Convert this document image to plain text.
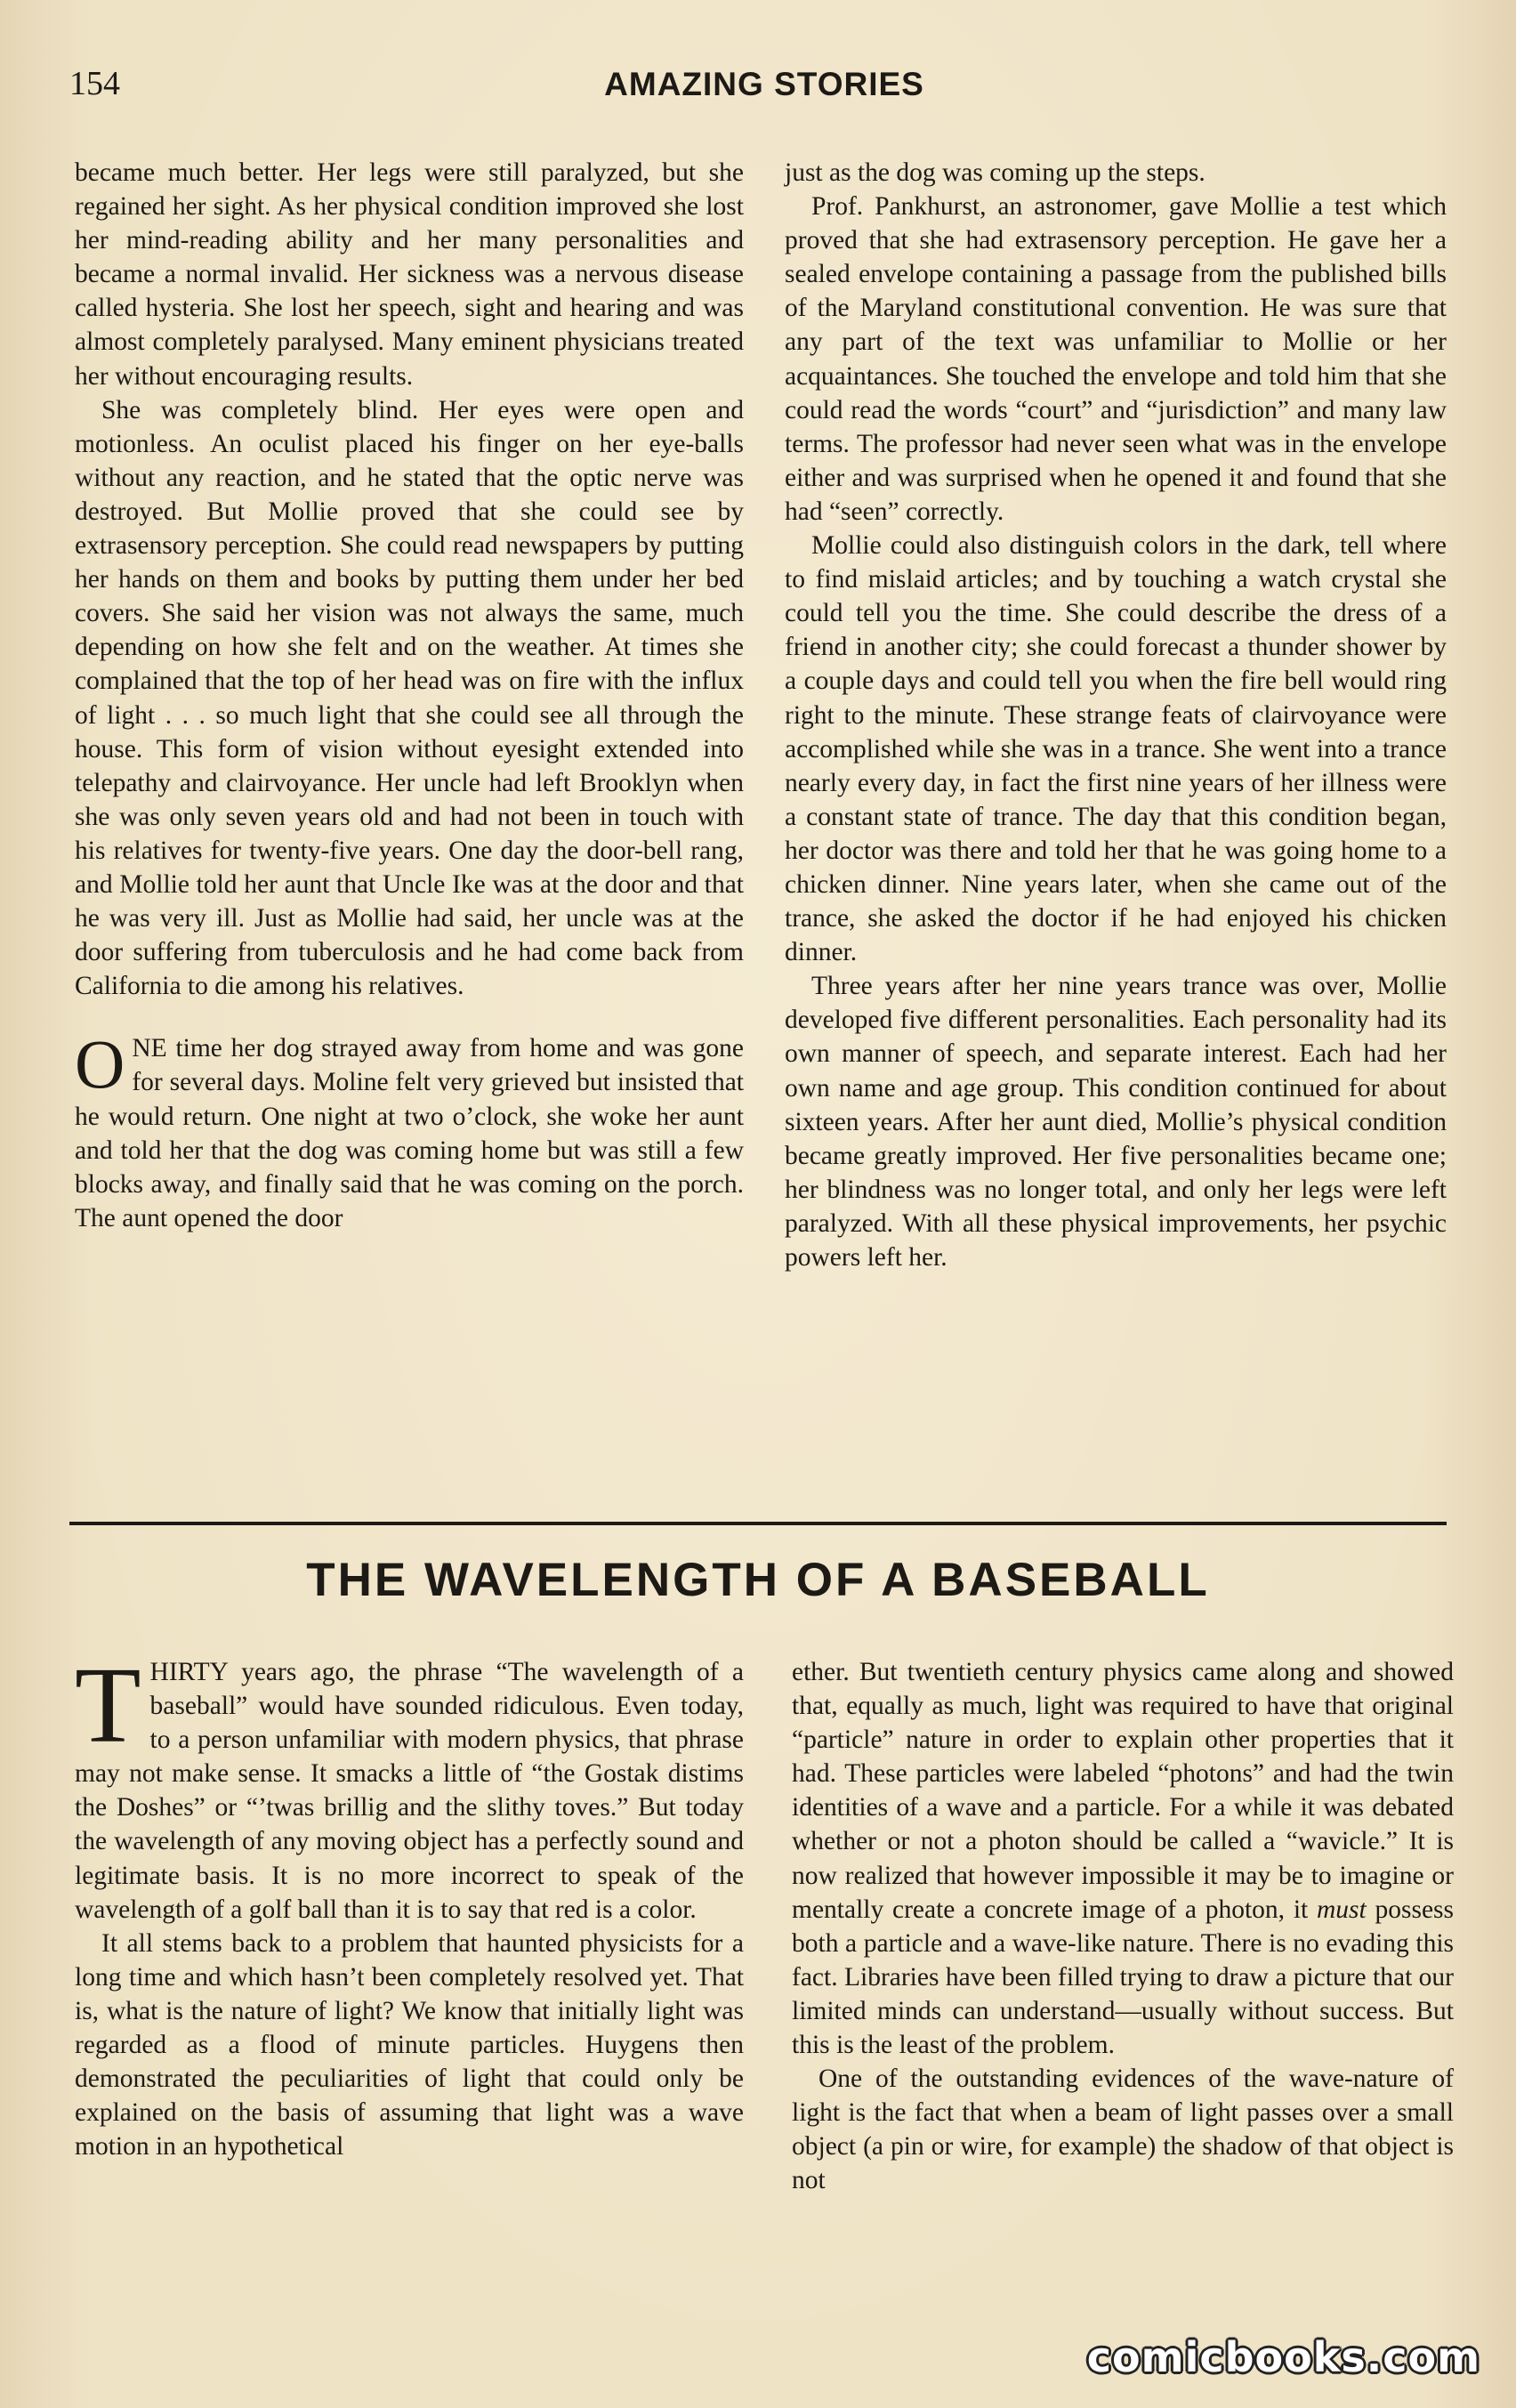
154	AMAZING STORIES

became much better. Her legs were still paralyzed, but she regained her sight. As her physical condition improved she lost her mind-reading ability and her many personalities and became a normal invalid. Her sickness was a nervous disease called hysteria. She lost her speech, sight and hearing and was almost completely paralysed. Many eminent physicians treated her without encouraging results.

She was completely blind. Her eyes were open and motionless. An oculist placed his finger on her eye-balls without any reaction, and he stated that the optic nerve was destroyed. But Mollie proved that she could see by extrasensory perception. She could read newspapers by putting her hands on them and books by putting them under her bed covers. She said her vision was not always the same, much depending on how she felt and on the weather. At times she complained that the top of her head was on fire with the influx of light . . . so much light that she could see all through the house. This form of vision without eyesight extended into telepathy and clairvoyance. Her uncle had left Brooklyn when she was only seven years old and had not been in touch with his relatives for twenty-five years. One day the door-bell rang, and Mollie told her aunt that Uncle Ike was at the door and that he was very ill. Just as Mollie had said, her uncle was at the door suffering from tuberculosis and he had come back from California to die among his relatives.

ONE time her dog strayed away from home and was gone for several days. Moline felt very grieved but insisted that he would return. One night at two o’clock, she woke her aunt and told her that the dog was coming home but was still a few blocks away, and finally said that he was coming on the porch. The aunt opened the door

just as the dog was coming up the steps.

Prof. Pankhurst, an astronomer, gave Mollie a test which proved that she had extrasensory perception. He gave her a sealed envelope containing a passage from the published bills of the Maryland constitutional convention. He was sure that any part of the text was unfamiliar to Mollie or her acquaintances. She touched the envelope and told him that she could read the words “court” and “jurisdiction” and many law terms. The professor had never seen what was in the envelope either and was surprised when he opened it and found that she had “seen” correctly.

Mollie could also distinguish colors in the dark, tell where to find mislaid articles; and by touching a watch crystal she could tell you the time. She could describe the dress of a friend in another city; she could forecast a thunder shower by a couple days and could tell you when the fire bell would ring right to the minute. These strange feats of clairvoyance were accomplished while she was in a trance. She went into a trance nearly every day, in fact the first nine years of her illness were a constant state of trance. The day that this condition began, her doctor was there and told her that he was going home to a chicken dinner. Nine years later, when she came out of the trance, she asked the doctor if he had enjoyed his chicken dinner.

Three years after her nine years trance was over, Mollie developed five different personalities. Each personality had its own manner of speech, and separate interest. Each had her own name and age group. This condition continued for about sixteen years. After her aunt died, Mollie’s physical condition became greatly improved. Her five personalities became one; her blindness was no longer total, and only her legs were left paralyzed. With all these physical improvements, her psychic powers left her.

THE WAVELENGTH OF A BASEBALL

THIRTY years ago, the phrase “The wavelength of a baseball” would have sounded ridiculous. Even today, to a person unfamiliar with modern physics, that phrase may not make sense. It smacks a little of “the Gostak distims the Doshes” or “’twas brillig and the slithy toves.” But today the wavelength of any moving object has a perfectly sound and legitimate basis. It is no more incorrect to speak of the wavelength of a golf ball than it is to say that red is a color.

It all stems back to a problem that haunted physicists for a long time and which hasn’t been completely resolved yet. That is, what is the nature of light? We know that initially light was regarded as a flood of minute particles. Huygens then demonstrated the peculiarities of light that could only be explained on the basis of assuming that light was a wave motion in an hypothetical

ether. But twentieth century physics came along and showed that, equally as much, light was required to have that original “particle” nature in order to explain other properties that it had. These particles were labeled “photons” and had the twin identities of a wave and a particle. For a while it was debated whether or not a photon should be called a “wavicle.” It is now realized that however impossible it may be to imagine or mentally create a concrete image of a photon, it must possess both a particle and a wave-like nature. There is no evading this fact. Libraries have been filled trying to draw a picture that our limited minds can understand—usually without success. But this is the least of the problem.

One of the outstanding evidences of the wave-nature of light is the fact that when a beam of light passes over a small object (a pin or wire, for example) the shadow of that object is not

comicbooks.com
